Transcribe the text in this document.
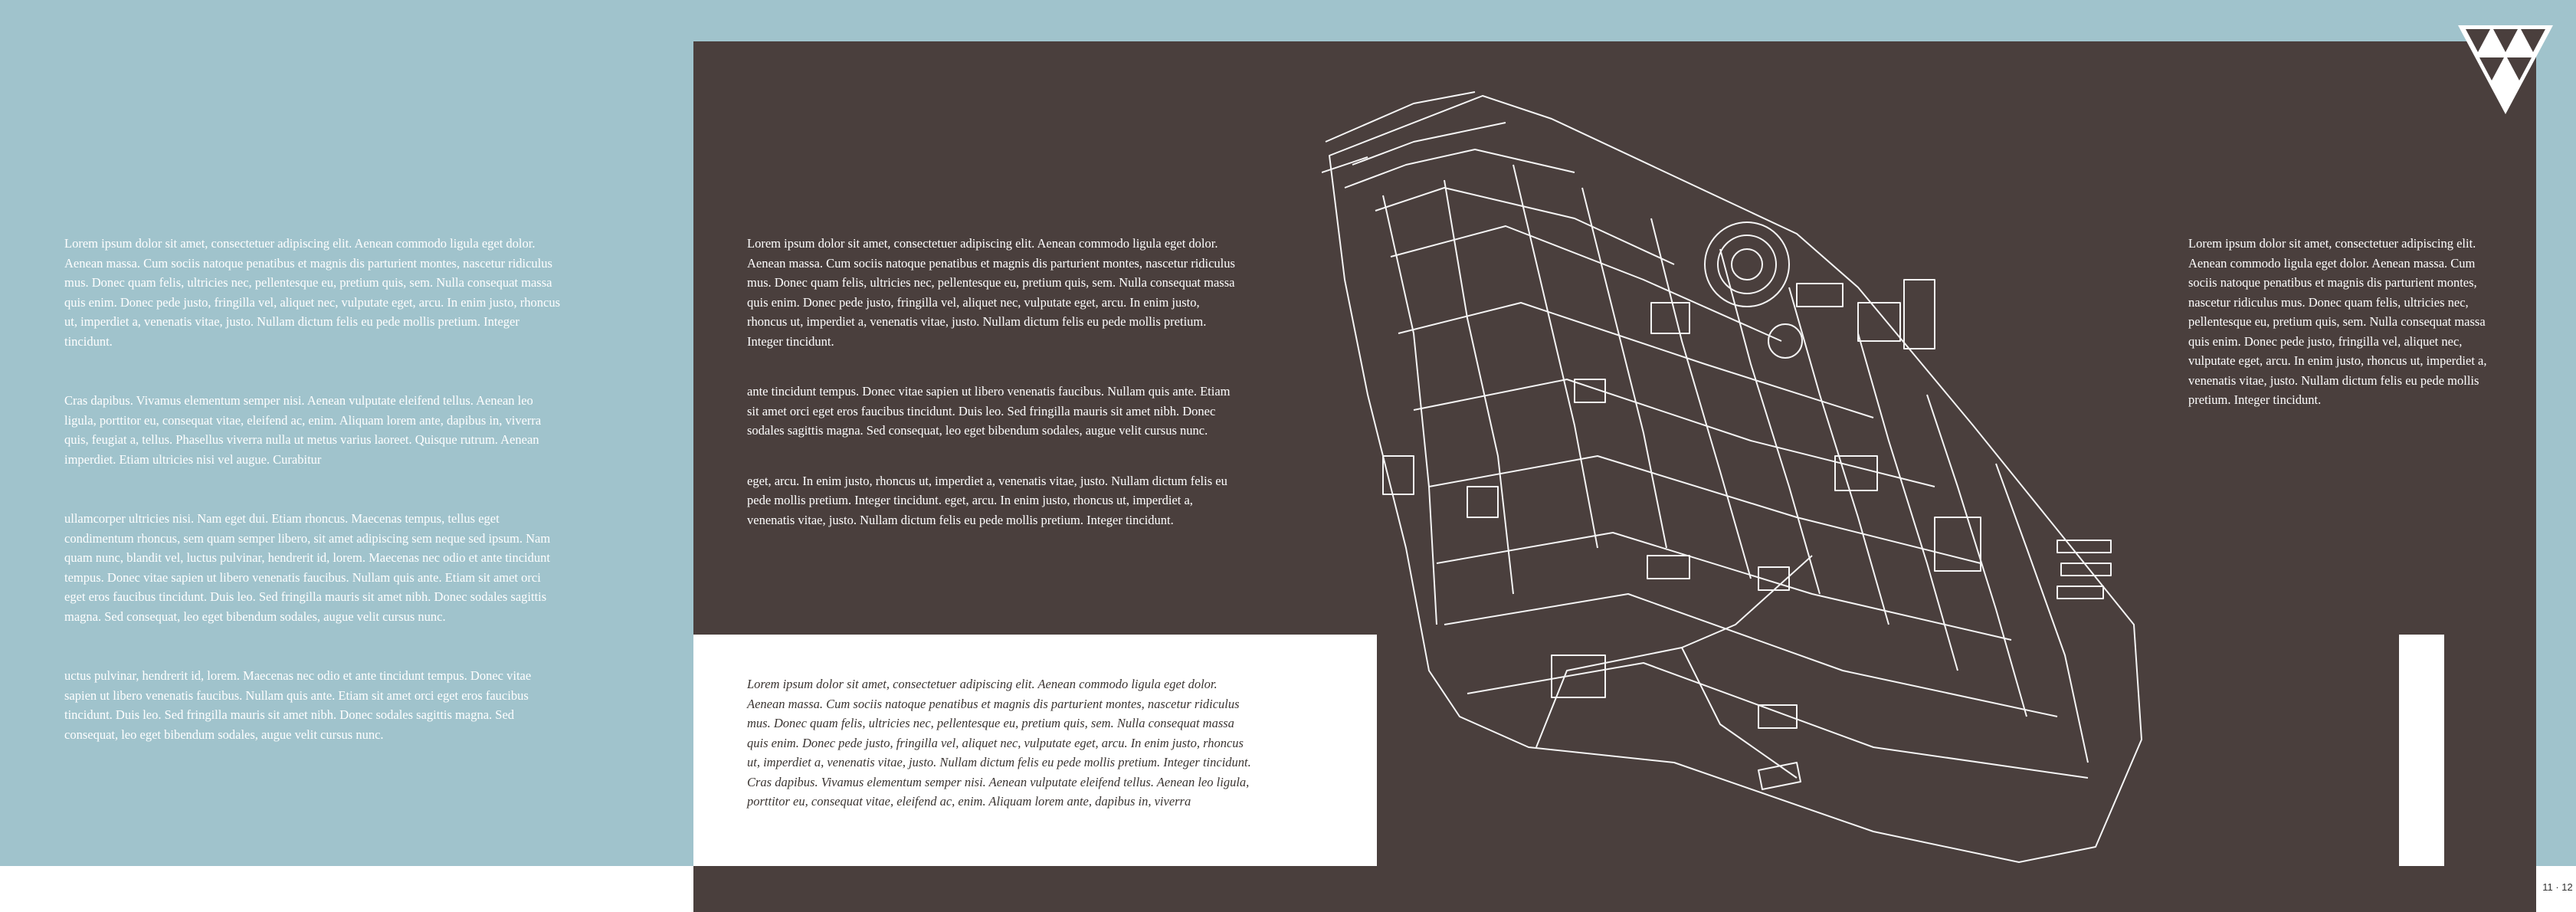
Lorem ipsum dolor sit amet, consectetuer adipiscing elit. Aenean commodo ligula eget dolor. Aenean massa. Cum sociis natoque penatibus et magnis dis parturient montes, nascetur ridiculus mus. Donec quam felis, ultricies nec, pellentesque eu, pretium quis, sem. Nulla consequat massa quis enim. Donec pede justo, fringilla vel, aliquet nec, vulputate eget, arcu. In enim justo, rhoncus ut, imperdiet a, venenatis vitae, justo. Nullam dictum felis eu pede mollis pretium. Integer tincidunt.

Cras dapibus. Vivamus elementum semper nisi. Aenean vulputate eleifend tellus. Aenean leo ligula, porttitor eu, consequat vitae, eleifend ac, enim. Aliquam lorem ante, dapibus in, viverra quis, feugiat a, tellus. Phasellus viverra nulla ut metus varius laoreet. Quisque rutrum. Aenean imperdiet. Etiam ultricies nisi vel augue. Curabitur

ullamcorper ultricies nisi. Nam eget dui. Etiam rhoncus. Maecenas tempus, tellus eget condimentum rhoncus, sem quam semper libero, sit amet adipiscing sem neque sed ipsum. Nam quam nunc, blandit vel, luctus pulvinar, hendrerit id, lorem. Maecenas nec odio et ante tincidunt tempus. Donec vitae sapien ut libero venenatis faucibus. Nullam quis ante. Etiam sit amet orci eget eros faucibus tincidunt. Duis leo. Sed fringilla mauris sit amet nibh. Donec sodales sagittis magna. Sed consequat, leo eget bibendum sodales, augue velit cursus nunc.

uctus pulvinar, hendrerit id, lorem. Maecenas nec odio et ante tincidunt tempus. Donec vitae sapien ut libero venenatis faucibus. Nullam quis ante. Etiam sit amet orci eget eros faucibus tincidunt. Duis leo. Sed fringilla mauris sit amet nibh. Donec sodales sagittis magna. Sed consequat, leo eget bibendum sodales, augue velit cursus nunc.

Lorem ipsum dolor sit amet, consectetuer adipiscing elit. Aenean commodo ligula eget dolor. Aenean massa. Cum sociis natoque penatibus et magnis dis parturient montes, nascetur ridiculus mus. Donec quam felis, ultricies nec, pellentesque eu, pretium quis, sem. Nulla consequat massa quis enim. Donec pede justo, fringilla vel, aliquet nec, vulputate eget, arcu. In enim justo, rhoncus ut, imperdiet a, venenatis vitae, justo. Nullam dictum felis eu pede mollis pretium. Integer tincidunt.

ante tincidunt tempus. Donec vitae sapien ut libero venenatis faucibus. Nullam quis ante. Etiam sit amet orci eget eros faucibus tincidunt. Duis leo. Sed fringilla mauris sit amet nibh. Donec sodales sagittis magna. Sed consequat, leo eget bibendum sodales, augue velit cursus nunc.

eget, arcu. In enim justo, rhoncus ut, imperdiet a, venenatis vitae, justo. Nullam dictum felis eu pede mollis pretium. Integer tincidunt. eget, arcu. In enim justo, rhoncus ut, imperdiet a, venenatis vitae, justo. Nullam dictum felis eu pede mollis pretium. Integer tincidunt.

Lorem ipsum dolor sit amet, consectetuer adipiscing elit. Aenean commodo ligula eget dolor. Aenean massa. Cum sociis natoque penatibus et magnis dis parturient montes, nascetur ridiculus mus. Donec quam felis, ultricies nec, pellentesque eu, pretium quis, sem. Nulla consequat massa quis enim. Donec pede justo, fringilla vel, aliquet nec, vulputate eget, arcu. In enim justo, rhoncus ut, imperdiet a, venenatis vitae, justo. Nullam dictum felis eu pede mollis pretium. Integer tincidunt.

Lorem ipsum dolor sit amet, consectetuer adipiscing elit. Aenean commodo ligula eget dolor. Aenean massa. Cum sociis natoque penatibus et magnis dis parturient montes, nascetur ridiculus mus. Donec quam felis, ultricies nec, pellentesque eu, pretium quis, sem. Nulla consequat massa quis enim. Donec pede justo, fringilla vel, aliquet nec, vulputate eget, arcu. In enim justo, rhoncus ut, imperdiet a, venenatis vitae, justo. Nullam dictum felis eu pede mollis pretium. Integer tincidunt.

Cras dapibus. Vivamus elementum semper nisi. Aenean vulputate eleifend tellus. Aenean leo ligula, porttitor eu, consequat vitae, eleifend ac, enim. Aliquam lorem ante, dapibus in, viverra

11 · 12
